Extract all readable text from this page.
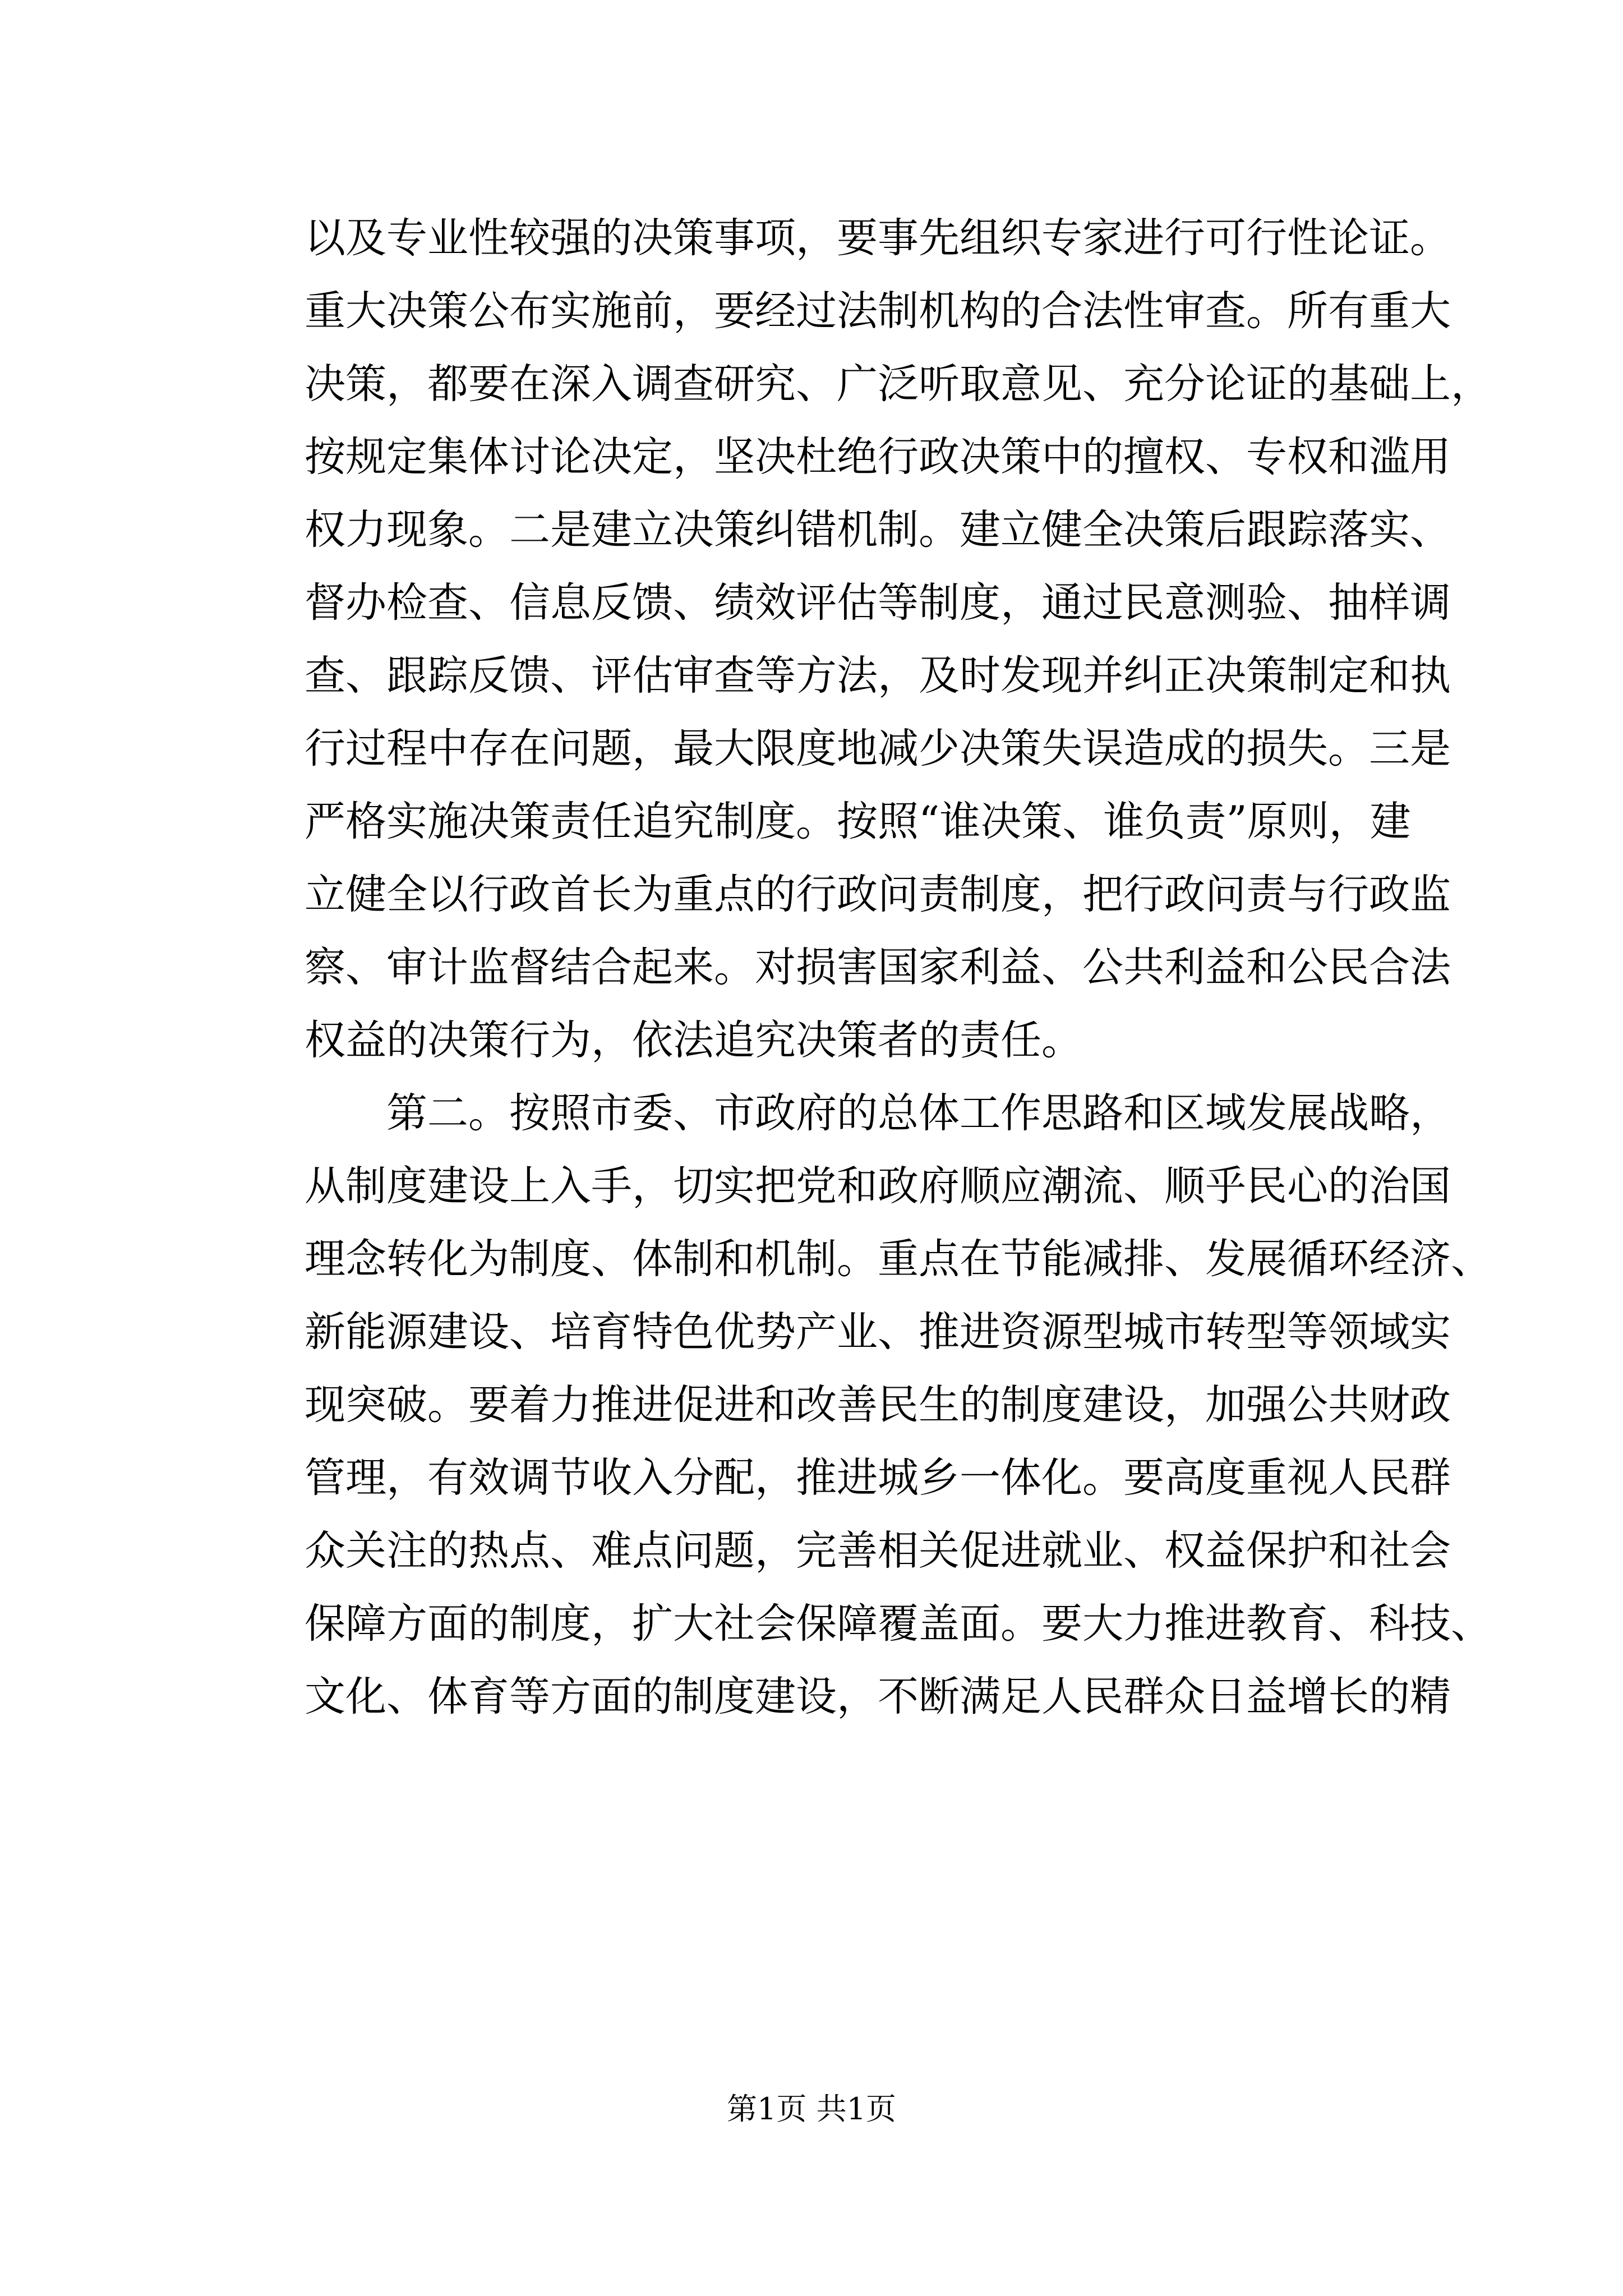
以及专业性较强的决策事项，要事先组织专家进行可行性论证。
重大决策公布实施前，要经过法制机构的合法性审查。所有重大
决策，都要在深入调查研究、广泛听取意见、充分论证的基础上，
按规定集体讨论决定，坚决杜绝行政决策中的擅权、专权和滥用
权力现象。二是建立决策纠错机制。建立健全决策后跟踪落实、
督办检查、信息反馈、绩效评估等制度，通过民意测验、抽样调
查、跟踪反馈、评估审查等方法，及时发现并纠正决策制定和执
行过程中存在问题，最大限度地减少决策失误造成的损失。三是
严格实施决策责任追究制度。按照“谁决策、谁负责”原则，建
立健全以行政首长为重点的行政问责制度，把行政问责与行政监
察、审计监督结合起来。对损害国家利益、公共利益和公民合法
权益的决策行为，依法追究决策者的责任。
第二。按照市委、市政府的总体工作思路和区域发展战略，
从制度建设上入手，切实把党和政府顺应潮流、顺乎民心的治国
理念转化为制度、体制和机制。重点在节能减排、发展循环经济、
新能源建设、培育特色优势产业、推进资源型城市转型等领域实
现突破。要着力推进促进和改善民生的制度建设，加强公共财政
管理，有效调节收入分配，推进城乡一体化。要高度重视人民群
众关注的热点、难点问题，完善相关促进就业、权益保护和社会
保障方面的制度，扩大社会保障覆盖面。要大力推进教育、科技、
文化、体育等方面的制度建设，不断满足人民群众日益增长的精
第1页 共1页
